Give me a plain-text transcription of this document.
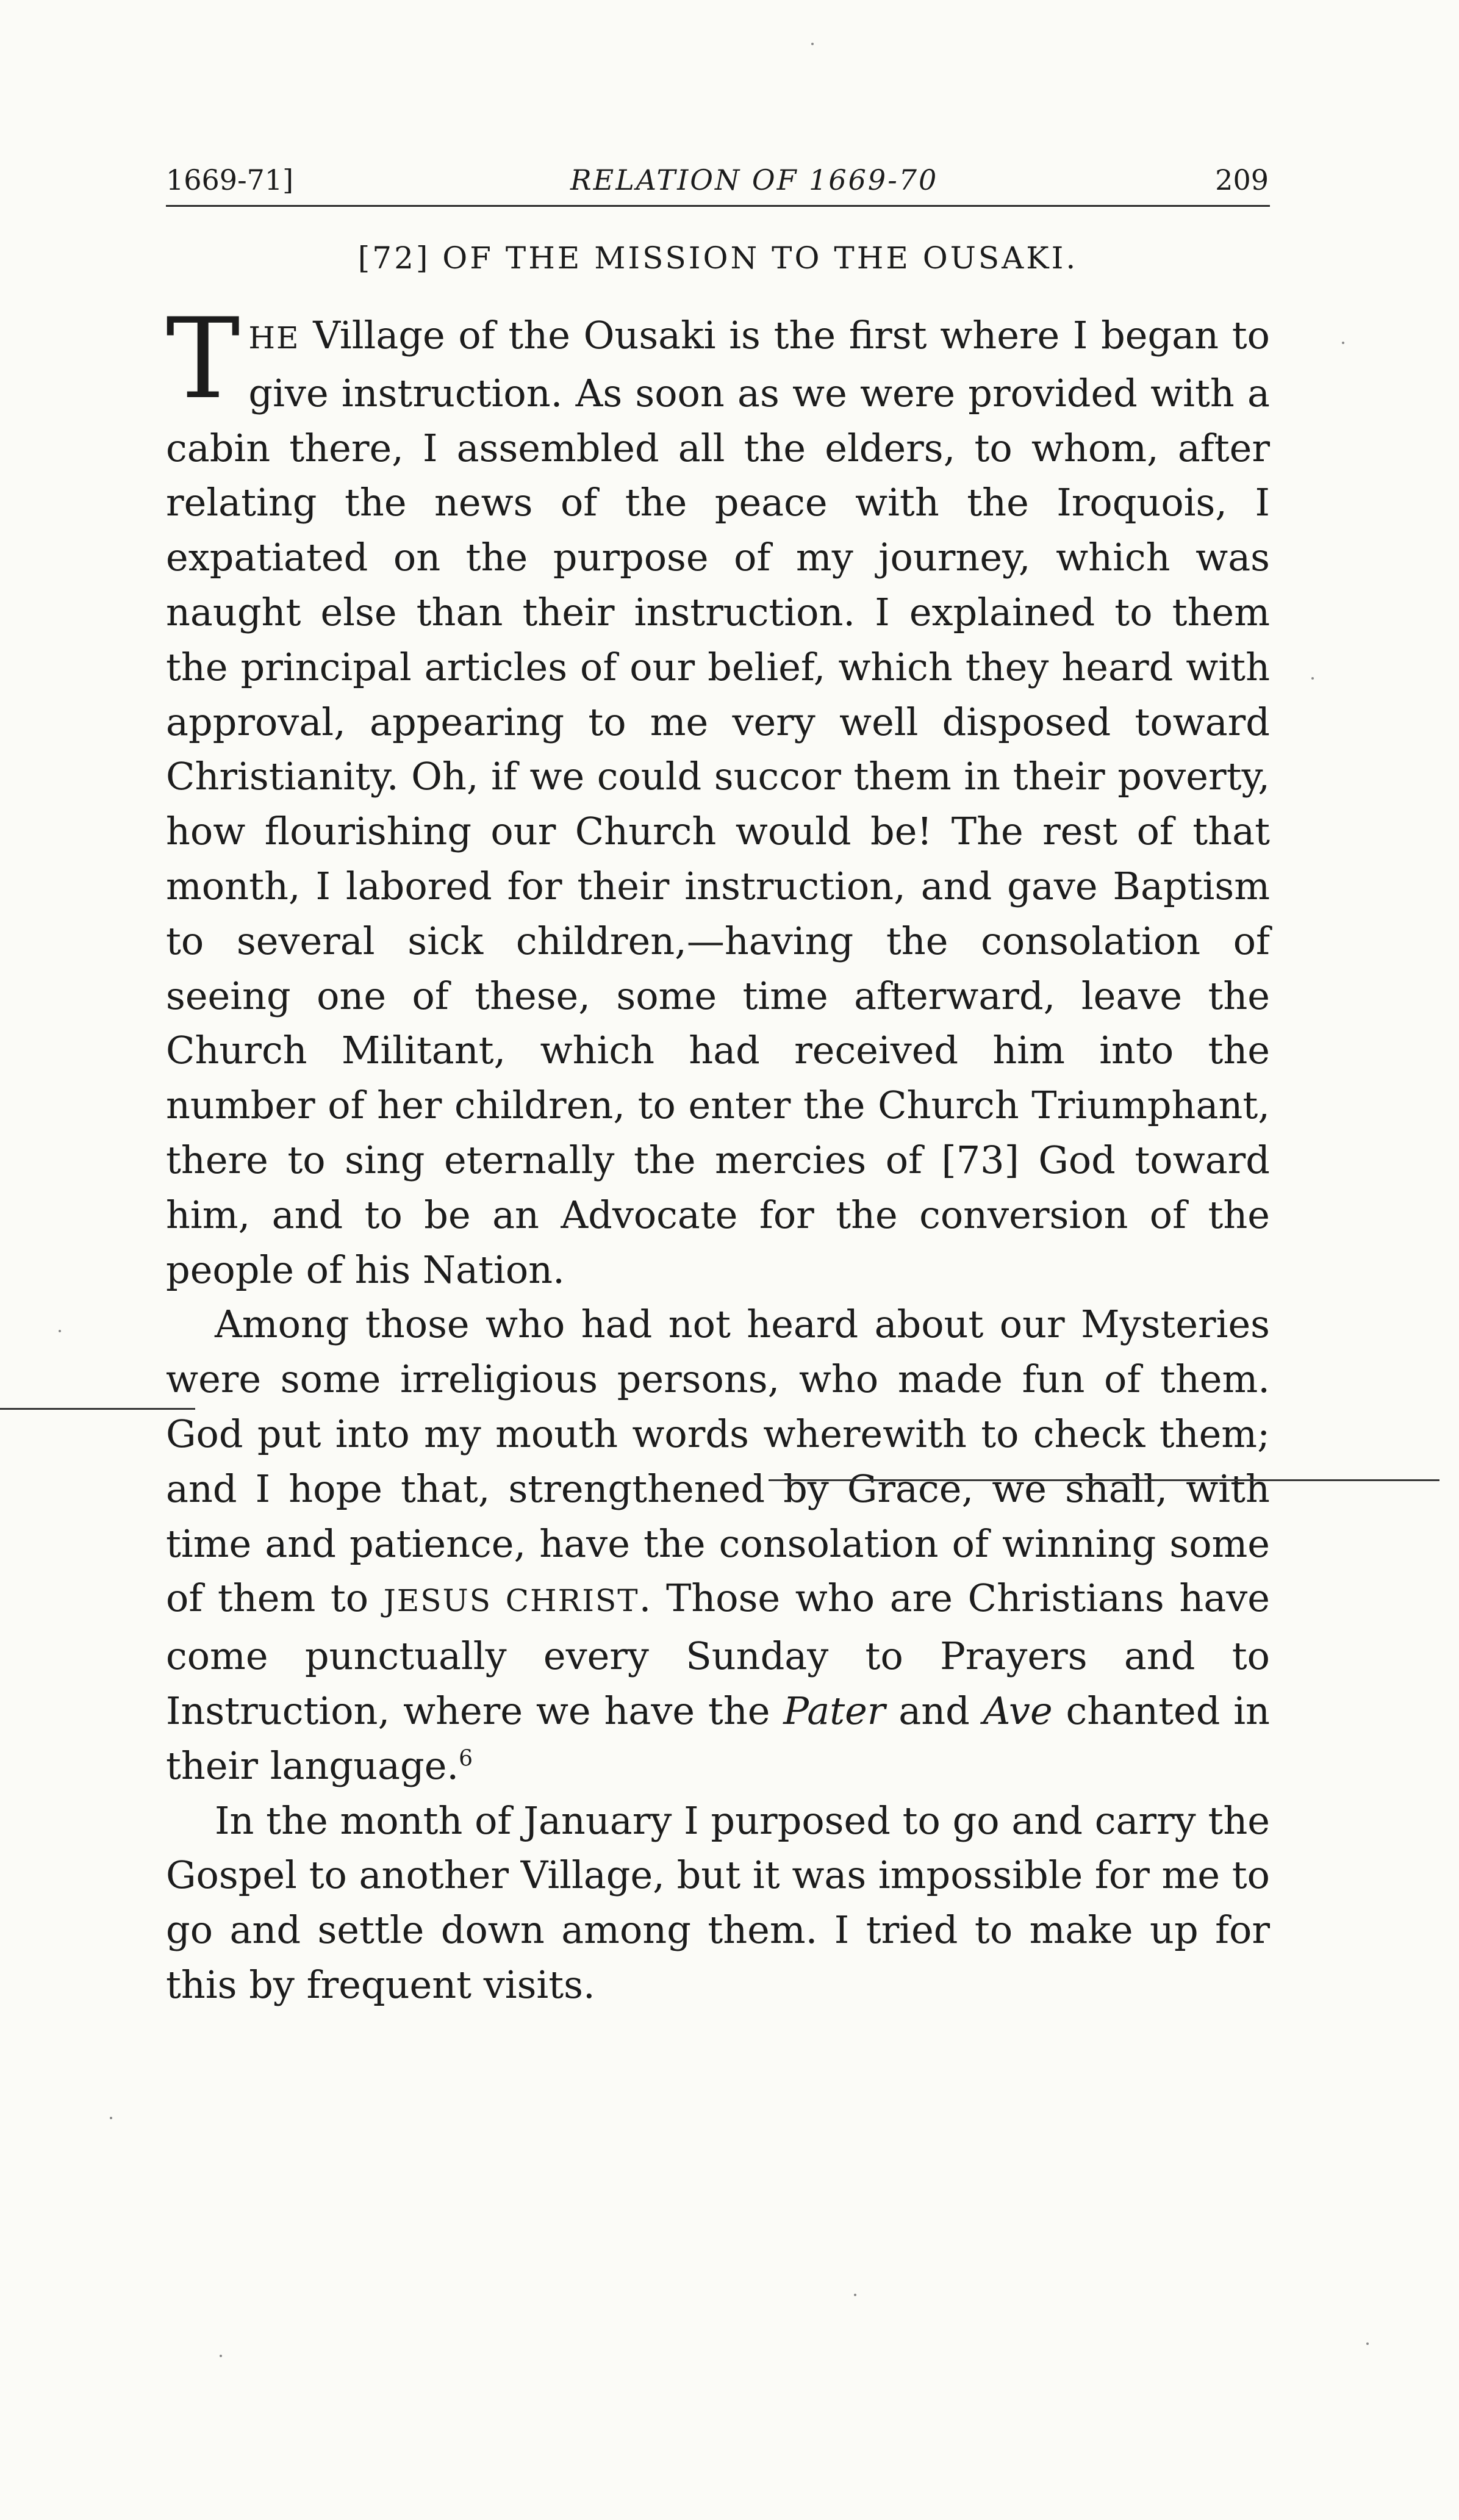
1669-71]	RELATION OF 1669-70	209
[72] OF THE MISSION TO THE OUSAKI.

THE Village of the Ousaki is the first where I began to give instruction. As soon as we were provided with a cabin there, I assembled all the elders, to whom, after relating the news of the peace with the Iroquois, I expatiated on the purpose of my journey, which was naught else than their instruction. I explained to them the principal articles of our belief, which they heard with approval, appearing to me very well disposed toward Christianity. Oh, if we could succor them in their poverty, how flourishing our Church would be! The rest of that month, I labored for their instruction, and gave Baptism to several sick children,—having the consolation of seeing one of these, some time afterward, leave the Church Militant, which had received him into the number of her children, to enter the Church Triumphant, there to sing eternally the mercies of [73] God toward him, and to be an Advocate for the conversion of the people of his Nation.

Among those who had not heard about our Mysteries were some irreligious persons, who made fun of them. God put into my mouth words wherewith to check them; and I hope that, strengthened by Grace, we shall, with time and patience, have the consolation of winning some of them to JESUS CHRIST. Those who are Christians have come punctually every Sunday to Prayers and to Instruction, where we have the Pater and Ave chanted in their language.$^6$

In the month of January I purposed to go and carry the Gospel to another Village, but it was impossible for me to go and settle down among them. I tried to make up for this by frequent visits.
